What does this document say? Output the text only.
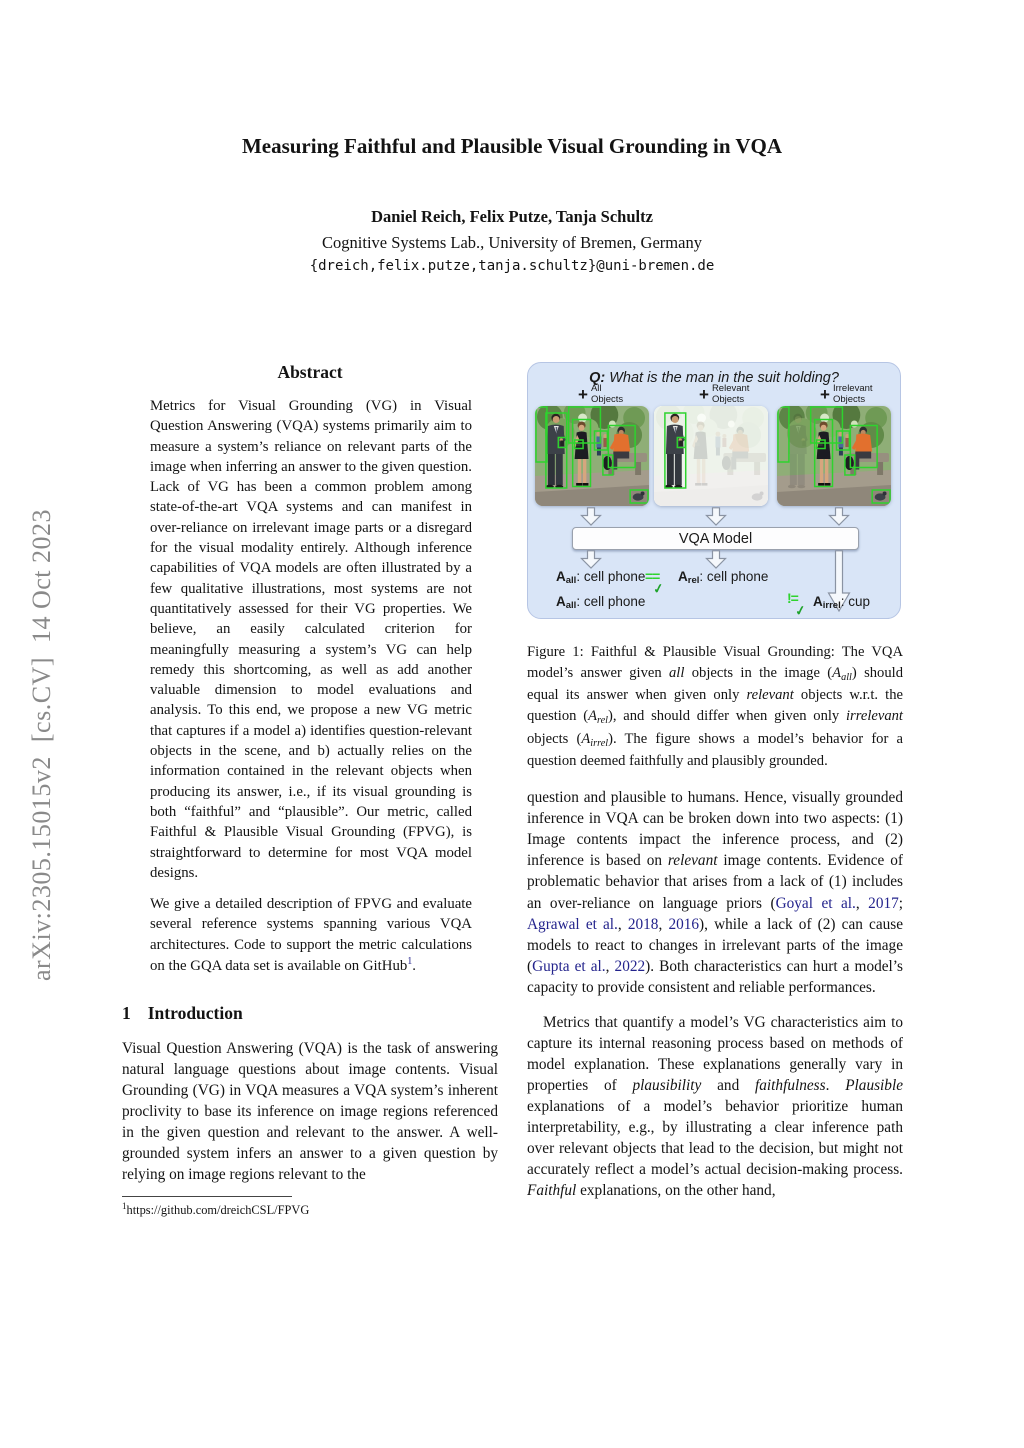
arXiv:2305.15015v2  [cs.CV]  14 Oct 2023
Measuring Faithful and Plausible Visual Grounding in VQA
Daniel Reich, Felix Putze, Tanja Schultz
Cognitive Systems Lab., University of Bremen, Germany
{dreich,felix.putze,tanja.schultz}@uni-bremen.de
Abstract

Metrics for Visual Grounding (VG) in Visual Question Answering (VQA) systems primarily aim to measure a system’s reliance on relevant parts of the image when inferring an answer to the given question. Lack of VG has been a common problem among state-of-the-art VQA systems and can manifest in over-reliance on irrelevant image parts or a disregard for the visual modality entirely. Although inference capabilities of VQA models are often illustrated by a few qualitative illustrations, most systems are not quantitatively assessed for their VG properties. We believe, an easily calculated criterion for meaningfully measuring a system’s VG can help remedy this shortcoming, as well as add another valuable dimension to model evaluations and analysis. To this end, we propose a new VG metric that captures if a model a) identifies question-relevant objects in the scene, and b) actually relies on the information contained in the relevant objects when producing its answer, i.e., if its visual grounding is both “faithful” and “plausible”. Our metric, called Faithful & Plausible Visual Grounding (FPVG), is straightforward to determine for most VQA model designs.

We give a detailed description of FPVG and evaluate several reference systems spanning various VQA architectures. Code to support the metric calculations on the GQA data set is available on GitHub$^1$.

1 Introduction

Visual Question Answering (VQA) is the task of answering natural language questions about image contents. Visual Grounding (VG) in VQA measures a VQA system’s inherent proclivity to base its inference on image regions referenced in the given question and relevant to the answer. A well-grounded system infers an answer to a given question by relying on image regions relevant to the

$^1$https://github.com/dreichCSL/FPVG
Q: What is the man in the suit holding?
+ All
Objects	+ Relevant
Objects	+ Irrelevant
Objects
VQA Model
$A_{all}$: cell phone ==
✓
$A_{rel}$: cell phone
$A_{all}$: cell phone	!=
✓
$A_{irrel}$: cup

Figure 1: Faithful & Plausible Visual Grounding: The VQA model’s answer given all objects in the image (Aall) should equal its answer when given only relevant objects w.r.t. the question (Arel), and should differ when given only irrelevant objects (Airrel). The figure shows a model’s behavior for a question deemed faithfully and plausibly grounded.

question and plausible to humans. Hence, visually grounded inference in VQA can be broken down into two aspects: (1) Image contents impact the inference process, and (2) inference is based on relevant image contents. Evidence of problematic behavior that arises from a lack of (1) includes an over-reliance on language priors (Goyal et al., 2017; Agrawal et al., 2018, 2016), while a lack of (2) can cause models to react to changes in irrelevant parts of the image (Gupta et al., 2022). Both characteristics can hurt a model’s capacity to provide consistent and reliable performances.

Metrics that quantify a model’s VG characteristics aim to capture its internal reasoning process based on methods of model explanation. These explanations generally vary in properties of plausibility and faithfulness. Plausible explanations of a model’s behavior prioritize human interpretability, e.g., by illustrating a clear inference path over relevant objects that lead to the decision, but might not accurately reflect a model’s actual decision-making process. Faithful explanations, on the other hand,
